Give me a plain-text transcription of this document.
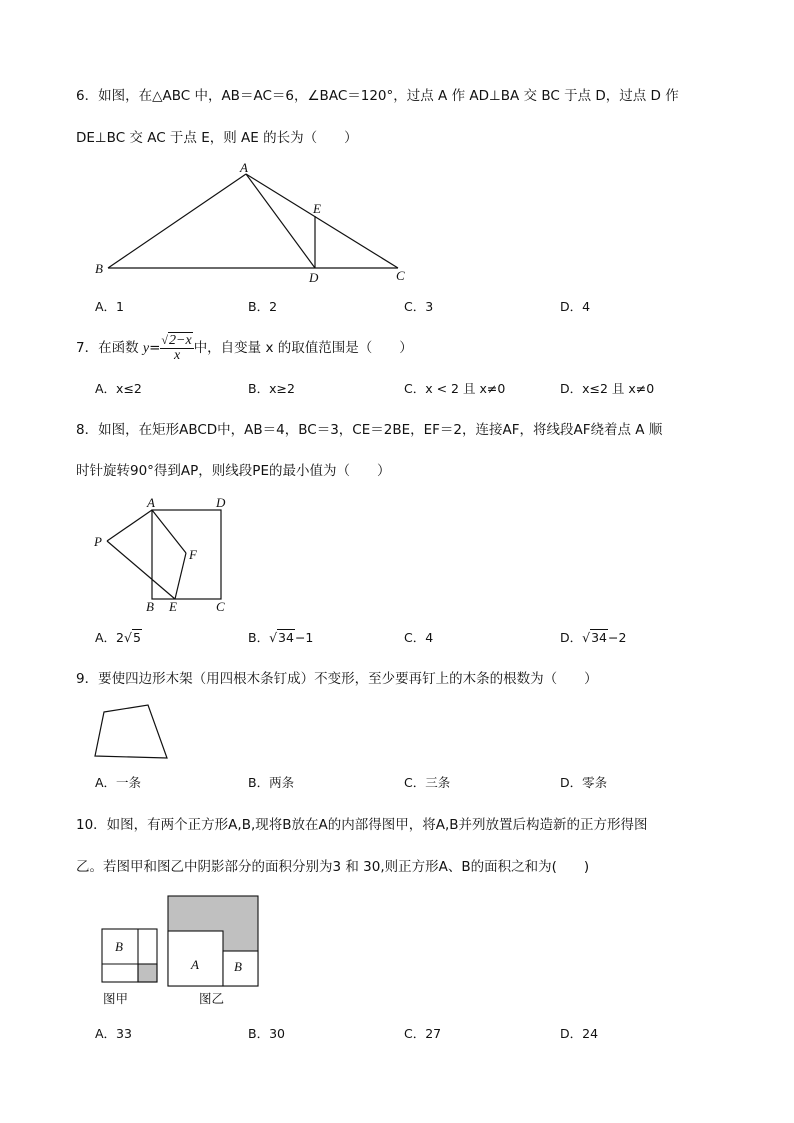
6．如图，在△ABC 中，AB＝AC＝6，∠BAC＝120°，过点 A 作 AD⊥BA 交 BC 于点 D，过点 D 作
DE⊥BC 交 AC 于点 E，则 AE 的长为（　　）
A
B	C
D
E
A．1	B．2	C．3	D．4
7．在函数 $y= \frac{√2-x}{x}$ 中，自变量 x 的取值范围是（　　）
A．x≤2	B．x≥2	C．x < 2 且 x≠0	D．x≤2 且 x≠0
8．如图，在矩形ABCD中，AB＝4，BC＝3，CE＝2BE，EF＝2，连接AF，将线段AF绕着点 A 顺
时针旋转90°得到AP，则线段PE的最小值为（　　）
A	D
P
F
B E	C
A．2√5	B．√34−1	C．4	D．√34−2
9．要使四边形木架（用四根木条钉成）不变形，至少要再钉上的木条的根数为（　　）
A．一条	B．两条	C．三条	D．零条
10．如图，有两个正方形A,B,现将B放在A的内部得图甲，将A,B并列放置后构造新的正方形得图
乙。若图甲和图乙中阴影部分的面积分别为3 和 30,则正方形A、B的面积之和为(　　)
B
A	B
图甲	图乙
A．33	B．30	C．27	D．24
